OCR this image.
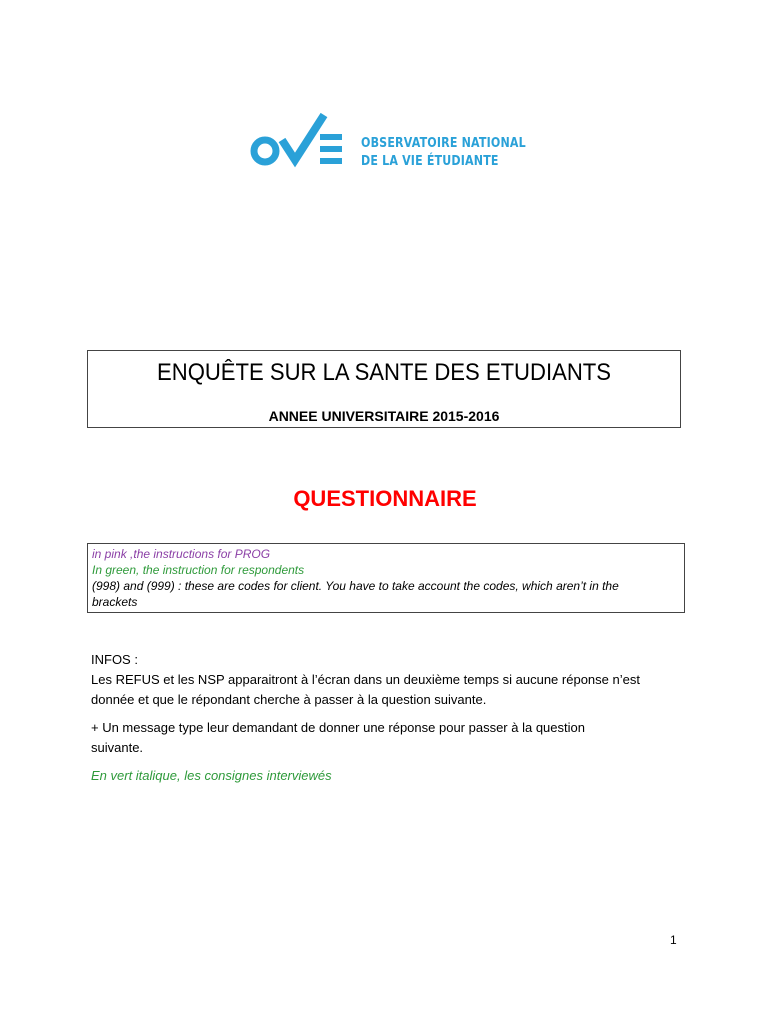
OBSERVATOIRE NATIONAL
DE LA VIE ÉTUDIANTE
ENQUÊTE SUR LA SANTE DES ETUDIANTS
ANNEE UNIVERSITAIRE 2015-2016
QUESTIONNAIRE
in pink ,the instructions for PROG
In green, the instruction for respondents
(998) and (999) : these are codes for client. You have to take account the codes, which aren’t in the
brackets

INFOS :

Les REFUS et les NSP apparaitront à l’écran dans un deuxième temps si aucune réponse n’est

donnée et que le répondant cherche à passer à la question suivante.

+ Un message type leur demandant de donner une réponse pour passer à la question

suivante.

En vert italique, les consignes interviewés

1
